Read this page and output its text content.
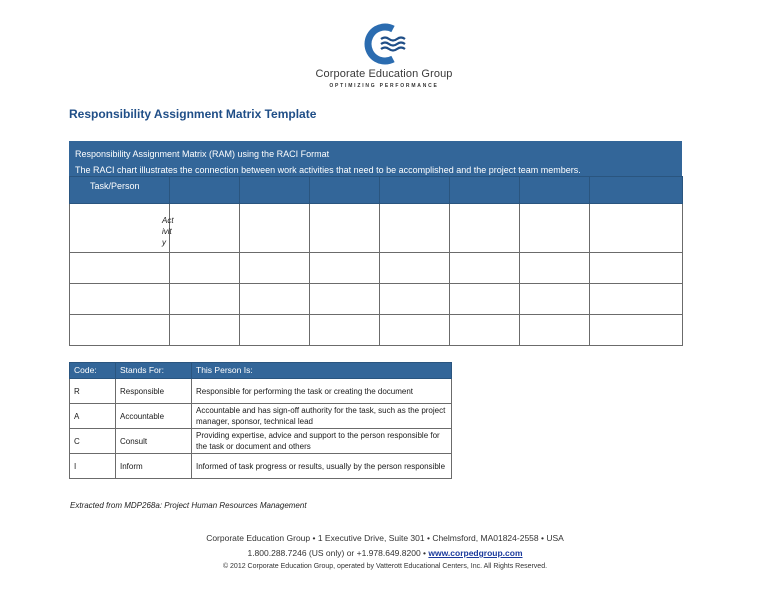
Corporate Education Group
OPTIMIZING PERFORMANCE
Responsibility Assignment Matrix Template
Responsibility Assignment Matrix (RAM) using the RACI Format
The RACI chart illustrates the connection between work activities that need to be accomplished and the project team members.
Task/Person							

Activity							

Code:	Stands For:	This Person Is:
R	Responsible	Responsible for performing the task or creating the document
A	Accountable	Accountable and has sign-off authority for the task, such as the project manager, sponsor, technical lead
C	Consult	Providing expertise, advice and support to the person responsible for the task or document and others
I	Inform	Informed of task progress or results, usually by the person responsible
Extracted from MDP268a: Project Human Resources Management
Corporate Education Group • 1 Executive Drive, Suite 301 • Chelmsford, MA01824-2558 • USA
1.800.288.7246 (US only) or +1.978.649.8200 • www.corpedgroup.com
© 2012 Corporate Education Group, operated by Vatterott Educational Centers, Inc. All Rights Reserved.
